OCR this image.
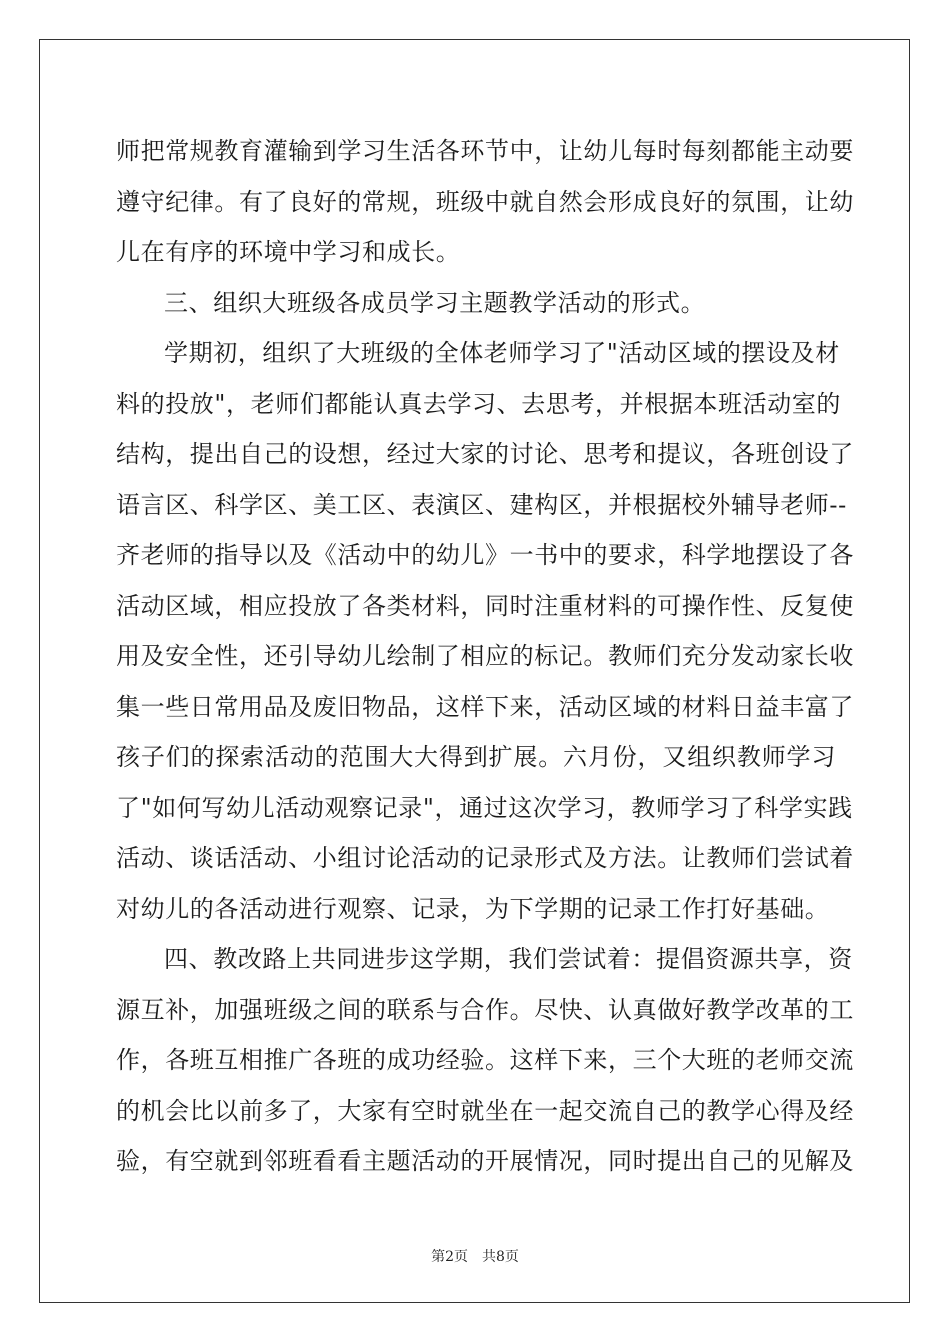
师把常规教育灌输到学习生活各环节中，让幼儿每时每刻都能主动要
遵守纪律。有了良好的常规，班级中就自然会形成良好的氛围，让幼
儿在有序的环境中学习和成长。
三、组织大班级各成员学习主题教学活动的形式。
学期初，组织了大班级的全体老师学习了"活动区域的摆设及材
料的投放"，老师们都能认真去学习、去思考，并根据本班活动室的
结构，提出自己的设想，经过大家的讨论、思考和提议，各班创设了
语言区、科学区、美工区、表演区、建构区，并根据校外辅导老师--
齐老师的指导以及《活动中的幼儿》一书中的要求，科学地摆设了各
活动区域，相应投放了各类材料，同时注重材料的可操作性、反复使
用及安全性，还引导幼儿绘制了相应的标记。教师们充分发动家长收
集一些日常用品及废旧物品，这样下来，活动区域的材料日益丰富了
孩子们的探索活动的范围大大得到扩展。六月份，又组织教师学习
了"如何写幼儿活动观察记录"，通过这次学习，教师学习了科学实践
活动、谈话活动、小组讨论活动的记录形式及方法。让教师们尝试着
对幼儿的各活动进行观察、记录，为下学期的记录工作打好基础。
四、教改路上共同进步这学期，我们尝试着：提倡资源共享，资
源互补，加强班级之间的联系与合作。尽快、认真做好教学改革的工
作，各班互相推广各班的成功经验。这样下来，三个大班的老师交流
的机会比以前多了，大家有空时就坐在一起交流自己的教学心得及经
验，有空就到邻班看看主题活动的开展情况，同时提出自己的见解及
第2页 共8页
